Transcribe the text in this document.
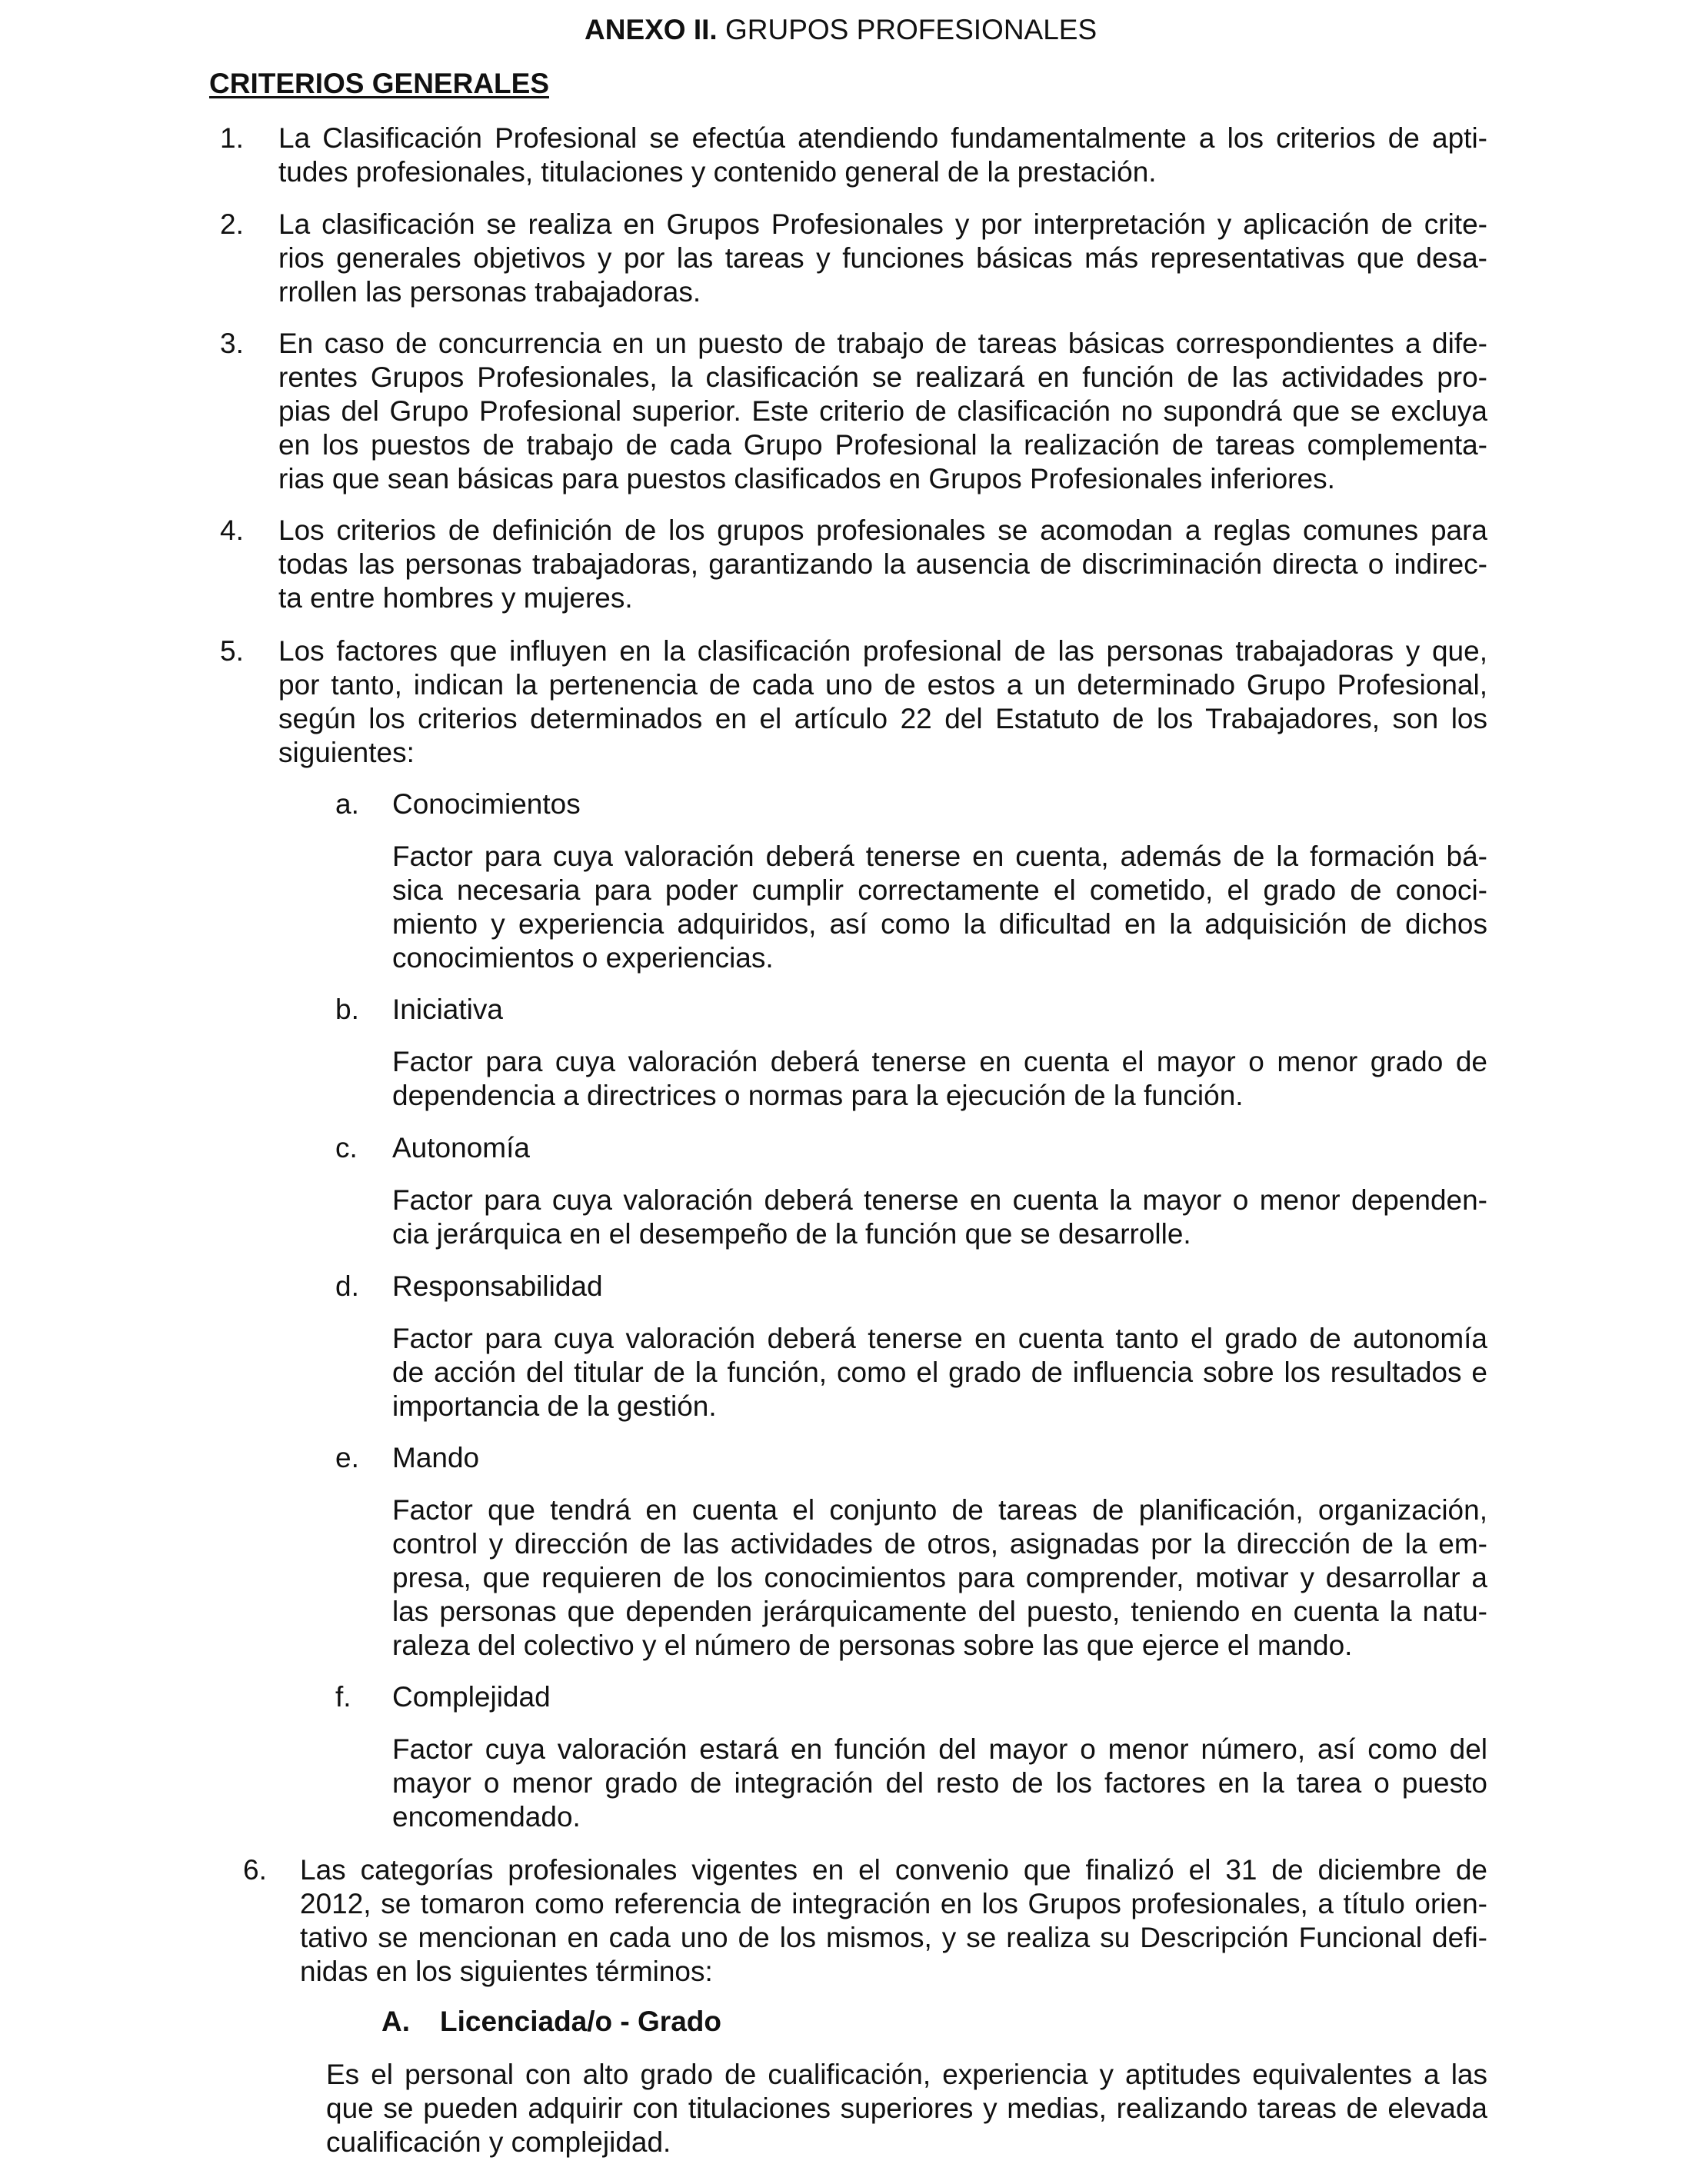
ANEXO II. GRUPOS PROFESIONALES
CRITERIOS GENERALES
1. La Clasificación Profesional se efectúa atendiendo fundamentalmente a los criterios de apti-
tudes profesionales, titulaciones y contenido general de la prestación.
2. La clasificación se realiza en Grupos Profesionales y por interpretación y aplicación de crite-
rios generales objetivos y por las tareas y funciones básicas más representativas que desa-
rrollen las personas trabajadoras.
3. En caso de concurrencia en un puesto de trabajo de tareas básicas correspondientes a dife-
rentes Grupos Profesionales, la clasificación se realizará en función de las actividades pro-
pias del Grupo Profesional superior. Este criterio de clasificación no supondrá que se excluya
en los puestos de trabajo de cada Grupo Profesional la realización de tareas complementa-
rias que sean básicas para puestos clasificados en Grupos Profesionales inferiores.
4. Los criterios de definición de los grupos profesionales se acomodan a reglas comunes para
todas las personas trabajadoras, garantizando la ausencia de discriminación directa o indirec-
ta entre hombres y mujeres.
5. Los factores que influyen en la clasificación profesional de las personas trabajadoras y que,
por tanto, indican la pertenencia de cada uno de estos a un determinado Grupo Profesional,
según los criterios determinados en el artículo 22 del Estatuto de los Trabajadores, son los
siguientes:
a. Conocimientos
Factor para cuya valoración deberá tenerse en cuenta, además de la formación bá-
sica necesaria para poder cumplir correctamente el cometido, el grado de conoci-
miento y experiencia adquiridos, así como la dificultad en la adquisición de dichos
conocimientos o experiencias.
b. Iniciativa
Factor para cuya valoración deberá tenerse en cuenta el mayor o menor grado de
dependencia a directrices o normas para la ejecución de la función.
c. Autonomía
Factor para cuya valoración deberá tenerse en cuenta la mayor o menor dependen-
cia jerárquica en el desempeño de la función que se desarrolle.
d. Responsabilidad
Factor para cuya valoración deberá tenerse en cuenta tanto el grado de autonomía
de acción del titular de la función, como el grado de influencia sobre los resultados e
importancia de la gestión.
e. Mando
Factor que tendrá en cuenta el conjunto de tareas de planificación, organización,
control y dirección de las actividades de otros, asignadas por la dirección de la em-
presa, que requieren de los conocimientos para comprender, motivar y desarrollar a
las personas que dependen jerárquicamente del puesto, teniendo en cuenta la natu-
raleza del colectivo y el número de personas sobre las que ejerce el mando.
f. Complejidad
Factor cuya valoración estará en función del mayor o menor número, así como del
mayor o menor grado de integración del resto de los factores en la tarea o puesto
encomendado.
6. Las categorías profesionales vigentes en el convenio que finalizó el 31 de diciembre de
2012, se tomaron como referencia de integración en los Grupos profesionales, a título orien-
tativo se mencionan en cada uno de los mismos, y se realiza su Descripción Funcional defi-
nidas en los siguientes términos:
A. Licenciada/o - Grado
Es el personal con alto grado de cualificación, experiencia y aptitudes equivalentes a las
que se pueden adquirir con titulaciones superiores y medias, realizando tareas de elevada
cualificación y complejidad.
